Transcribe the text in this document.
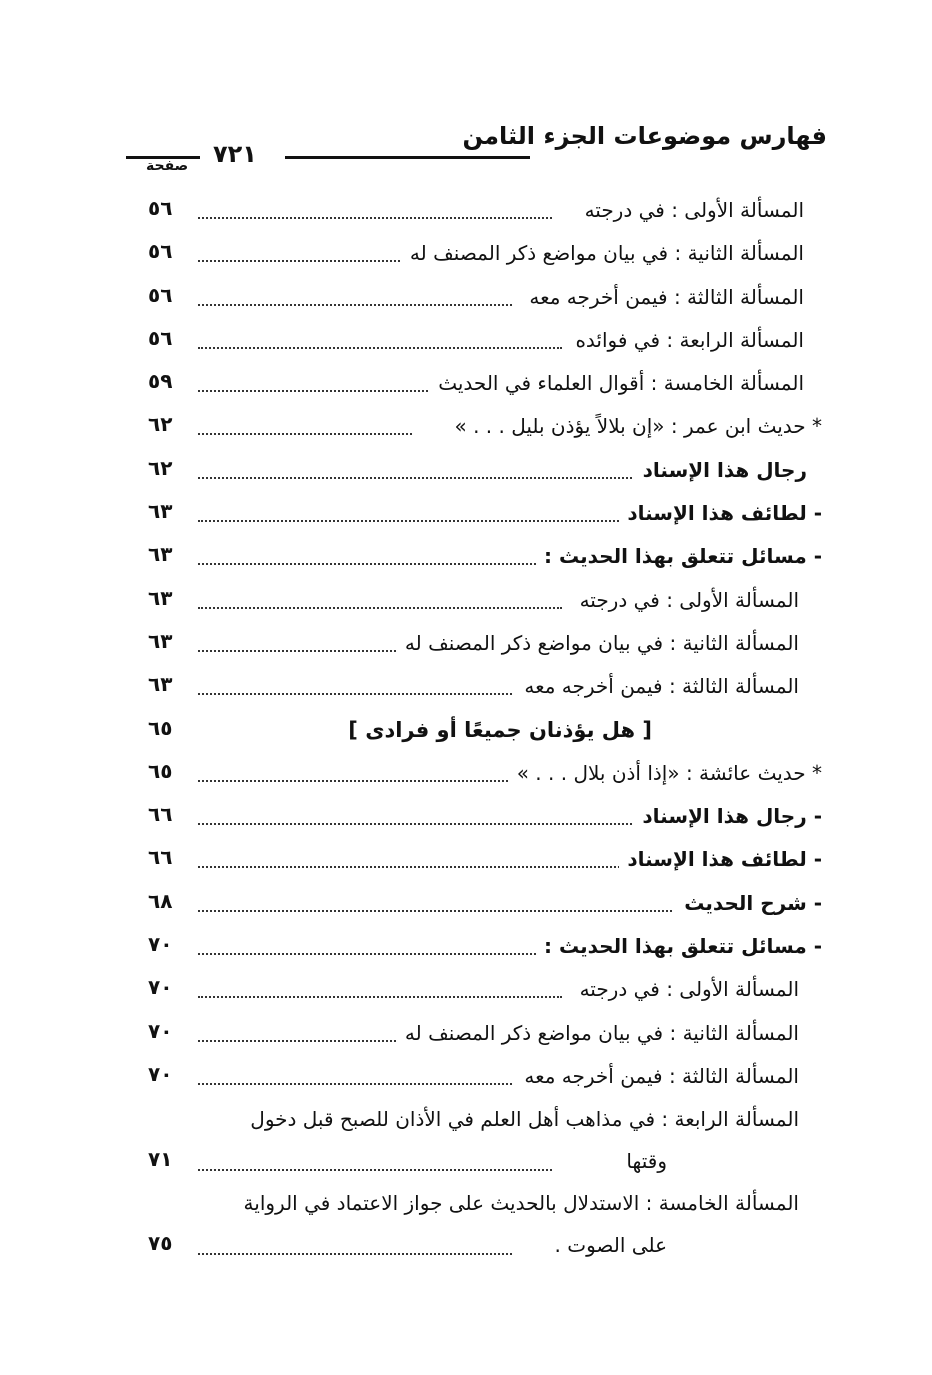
فهارس موضوعات الجزء الثامن
٧٢١
صفحة
المسألة الأولى : في درجته
٥٦
المسألة الثانية : في بيان مواضع ذكر المصنف له
٥٦
المسألة الثالثة : فيمن أخرجه معه
٥٦
المسألة الرابعة : في فوائده
٥٦
المسألة الخامسة : أقوال العلماء في الحديث
٥٩
* حديث ابن عمر : «إن بلالاً يؤذن بليل . . . »
٦٢
رجال هذا الإسناد
٦٢
- لطائف هذا الإسناد
٦٣
- مسائل تتعلق بهذا الحديث :
٦٣
المسألة الأولى : في درجته
٦٣
المسألة الثانية : في بيان مواضع ذكر المصنف له
٦٣
المسألة الثالثة : فيمن أخرجه معه
٦٣
[ هل يؤذنان جميعًا أو فرادى ]
٦٥
* حديث عائشة : «إذا أذن بلال . . . »
٦٥
- رجال هذا الإسناد
٦٦
- لطائف هذا الإسناد
٦٦
- شرح الحديث
٦٨
- مسائل تتعلق بهذا الحديث :
٧٠
المسألة الأولى : في درجته
٧٠
المسألة الثانية : في بيان مواضع ذكر المصنف له
٧٠
المسألة الثالثة : فيمن أخرجه معه
٧٠
المسألة الرابعة : في مذاهب أهل العلم في الأذان للصبح قبل دخول
وقتها
٧١
المسألة الخامسة : الاستدلال بالحديث على جواز الاعتماد في الرواية
على الصوت .
٧٥
